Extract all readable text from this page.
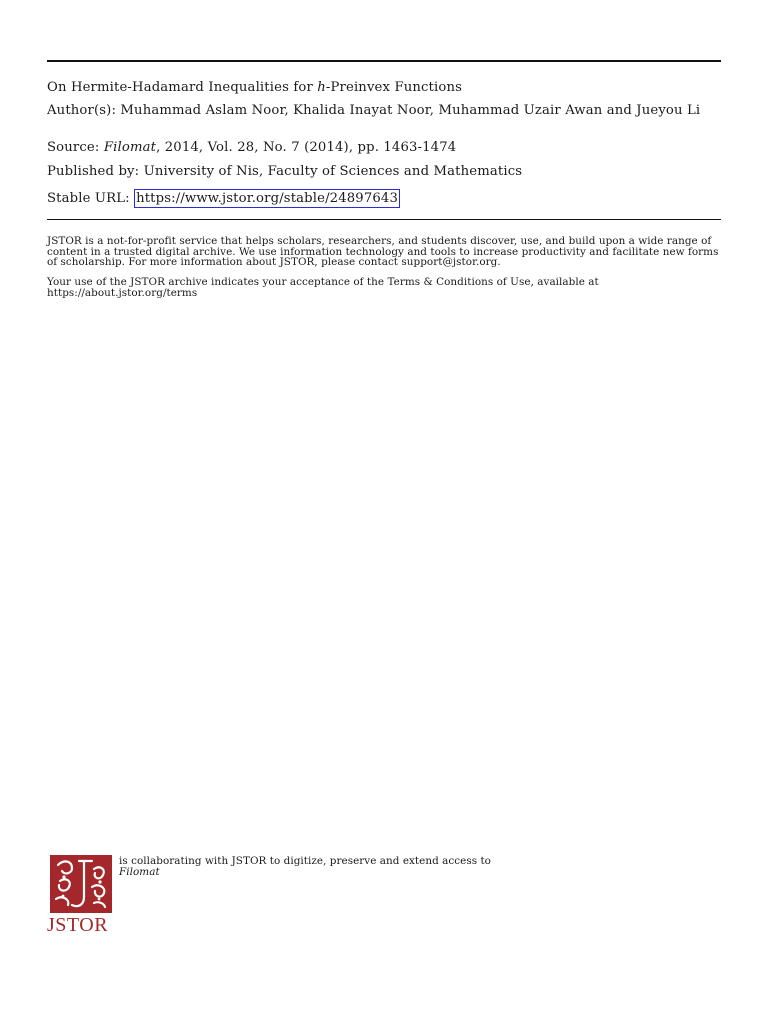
On Hermite-Hadamard Inequalities for h-Preinvex Functions

Author(s): Muhammad Aslam Noor, Khalida Inayat Noor, Muhammad Uzair Awan and Jueyou Li

Source: Filomat, 2014, Vol. 28, No. 7 (2014), pp. 1463-1474

Published by: University of Nis, Faculty of Sciences and Mathematics

Stable URL: https://www.jstor.org/stable/24897643

JSTOR is a not-for-profit service that helps scholars, researchers, and students discover, use, and build upon a wide range of content in a trusted digital archive. We use information technology and tools to increase productivity and facilitate new forms of scholarship. For more information about JSTOR, please contact support@jstor.org.

Your use of the JSTOR archive indicates your acceptance of the Terms & Conditions of Use, available at https://about.jstor.org/terms

JSTOR
is collaborating with JSTOR to digitize, preserve and extend access to
Filomat
